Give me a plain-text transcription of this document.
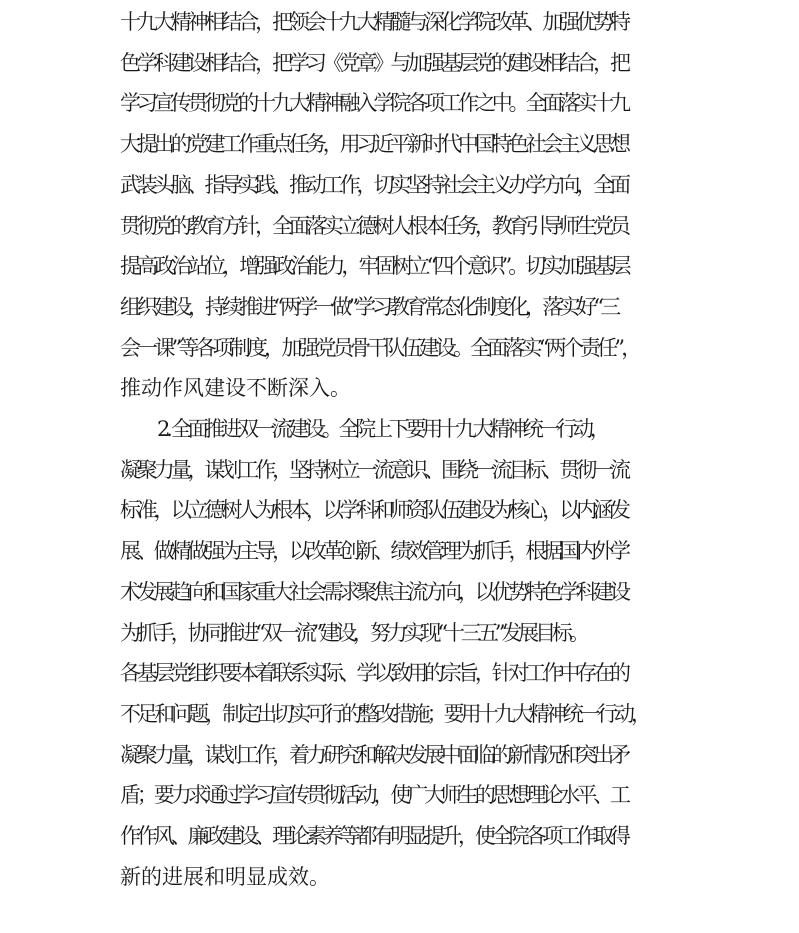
十九大精神相结合，把领会十九大精髓与深化学院改革、加强优势特
色学科建设相结合，把学习《党章》与加强基层党的建设相结合，把
学习宣传贯彻党的十九大精神融入学院各项工作之中。全面落实十九
大提出的党建工作重点任务，用习近平新时代中国特色社会主义思想
武装头脑、指导实践、推动工作，切实坚持社会主义办学方向，全面
贯彻党的教育方针，全面落实立德树人根本任务，教育引导师生党员
提高政治站位，增强政治能力，牢固树立“四个意识”。切实加强基层
组织建设，持续推进“两学一做”学习教育常态化制度化，落实好“三
会一课”等各项制度，加强党员骨干队伍建设。全面落实“两个责任”，
推动作风建设不断深入。
2. 全面推进双一流建设。全院上下要用十九大精神统一行动，
凝聚力量，谋划工作，坚持树立一流意识、围绕一流目标、贯彻一流
标准，以立德树人为根本，以学科和师资队伍建设为核心，以内涵发
展、做精做强为主导，以改革创新、绩效管理为抓手，根据国内外学
术发展趋向和国家重大社会需求聚焦主流方向，以优势特色学科建设
为抓手，协同推进“双一流”建设，努力实现“十三五”发展目标。
各基层党组织要本着联系实际、学以致用的宗旨，针对工作中存在的
不足和问题，制定出切实可行的整改措施；要用十九大精神统一行动，
凝聚力量，谋划工作，着力研究和解决发展中面临的新情况和突出矛
盾；要力求通过学习宣传贯彻活动，使广大师生的思想理论水平、工
作作风、廉政建设、理论素养等都有明显提升，使全院各项工作取得
新的进展和明显成效。
